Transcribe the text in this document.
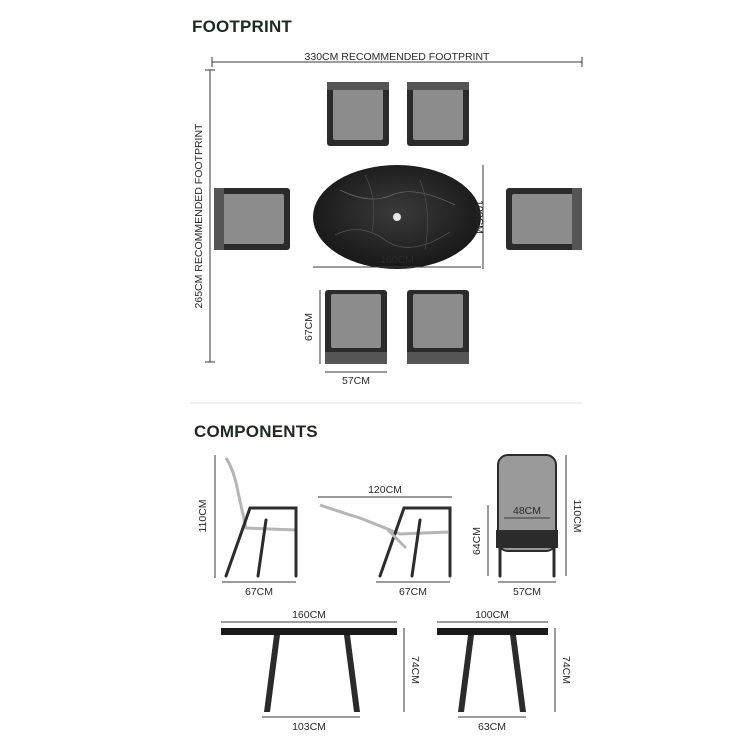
FOOTPRINT
330CM RECOMMENDED FOOTPRINT
265CM RECOMMENDED FOOTPRINT	160CM
100CM
67CM
57CM
COMPONENTS
110CM
67CM
120CM
67CM
48CM
64CM
110CM
57CM
160CM
74CM
103CM
100CM
74CM
63CM
